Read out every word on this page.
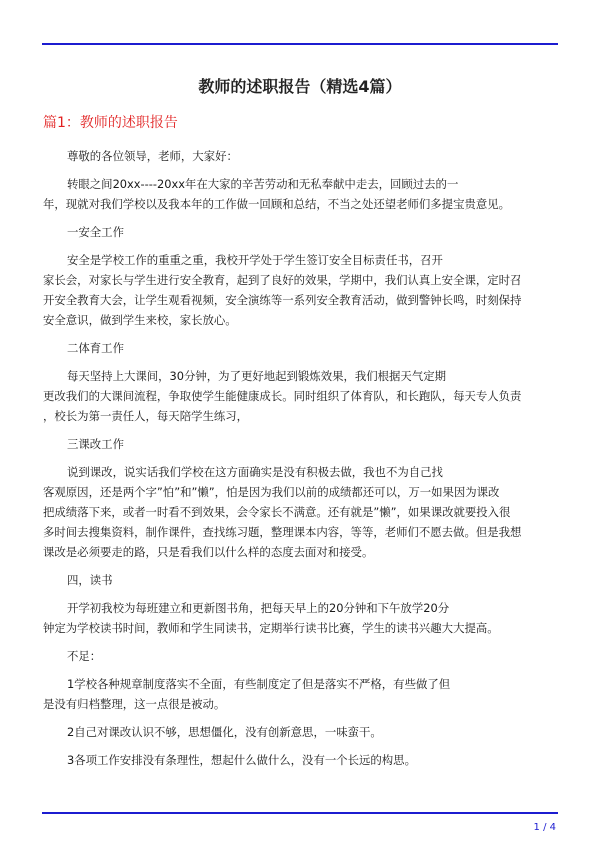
教师的述职报告（精选4篇）
篇1：教师的述职报告

尊敬的各位领导，老师，大家好：

转眼之间20xx----20xx年在大家的辛苦劳动和无私奉献中走去，回顾过去的一
年，现就对我们学校以及我本年的工作做一回顾和总结，不当之处还望老师们多提宝贵意见。

一安全工作

安全是学校工作的重重之重，我校开学处于学生签订安全目标责任书，召开
家长会，对家长与学生进行安全教育，起到了良好的效果，学期中，我们认真上安全课，定时召
开安全教育大会，让学生观看视频，安全演练等一系列安全教育活动，做到警钟长鸣，时刻保持
安全意识，做到学生来校，家长放心。

二体育工作

每天坚持上大课间，30分钟，为了更好地起到锻炼效果，我们根据天气定期
更改我们的大课间流程，争取使学生能健康成长。同时组织了体育队，和长跑队，每天专人负责
，校长为第一责任人，每天陪学生练习，

三课改工作

说到课改，说实话我们学校在这方面确实是没有积极去做，我也不为自己找
客观原因，还是两个字”怕”和”懒”，怕是因为我们以前的成绩都还可以，万一如果因为课改
把成绩落下来，或者一时看不到效果，会令家长不满意。还有就是”懒”，如果课改就要投入很
多时间去搜集资料，制作课件，查找练习题，整理课本内容，等等，老师们不愿去做。但是我想
课改是必须要走的路，只是看我们以什么样的态度去面对和接受。

四，读书

开学初我校为每班建立和更新图书角，把每天早上的20分钟和下午放学20分
钟定为学校读书时间，教师和学生同读书，定期举行读书比赛，学生的读书兴趣大大提高。

不足：

1学校各种规章制度落实不全面，有些制度定了但是落实不严格，有些做了但
是没有归档整理，这一点很是被动。

2自己对课改认识不够，思想僵化，没有创新意思，一味蛮干。

3各项工作安排没有条理性，想起什么做什么，没有一个长远的构思。

1 / 4
